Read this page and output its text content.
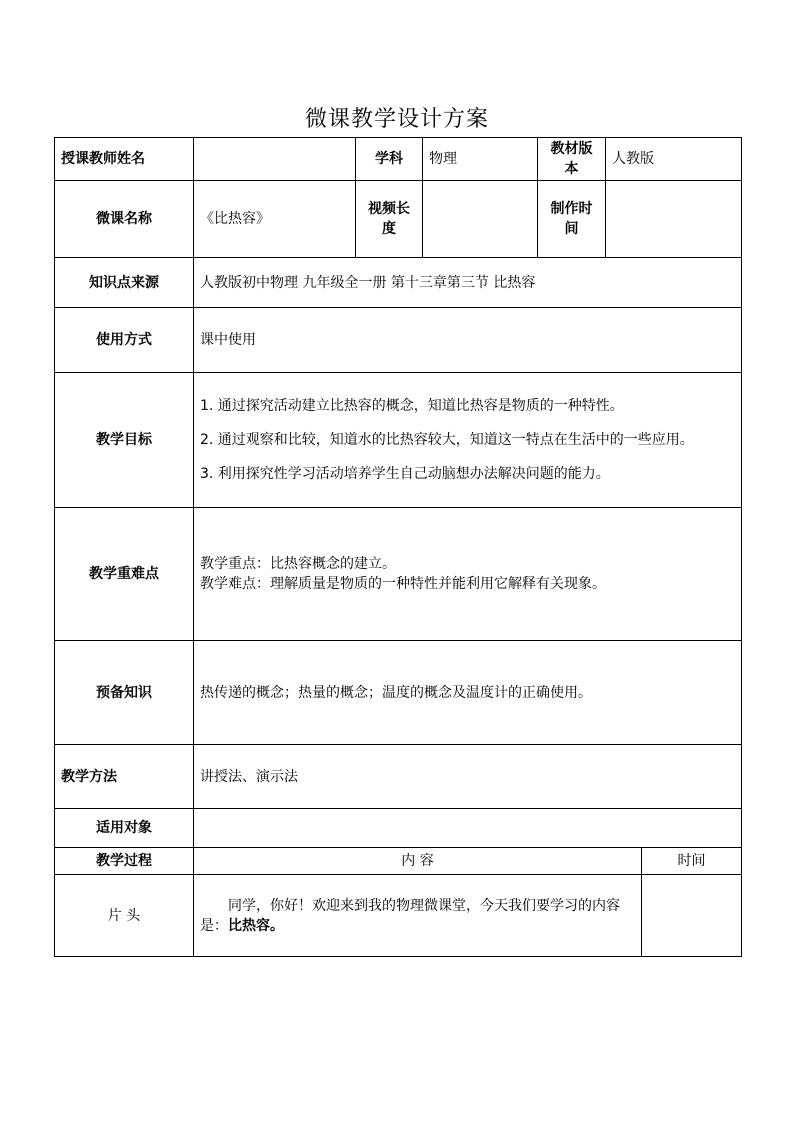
微课教学设计方案
授课教师姓名		学科	物理	教材版本	人教版	
微课名称	《比热容》	视频长度		制作时间		
知识点来源	人教版初中物理 九年级全一册 第十三章第三节 比热容					
使用方式	课中使用					
教学目标	1. 通过探究活动建立比热容的概念，知道比热容是物质的一种特性。

2. 通过观察和比较，知道水的比热容较大，知道这一特点在生活中的一些应用。

3. 利用探究性学习活动培养学生自己动脑想办法解决问题的能力。					

教学重难点	教学重点：比热容概念的建立。

教学难点：理解质量是物质的一种特性并能利用它解释有关现象。					

预备知识	热传递的概念；热量的概念；温度的概念及温度计的正确使用。					
教学方法	讲授法、演示法					
适用对象						
教学过程	内 容					时间
片 头	同学，你好！欢迎来到我的物理微课堂，今天我们要学习的内容是：比热容。					
